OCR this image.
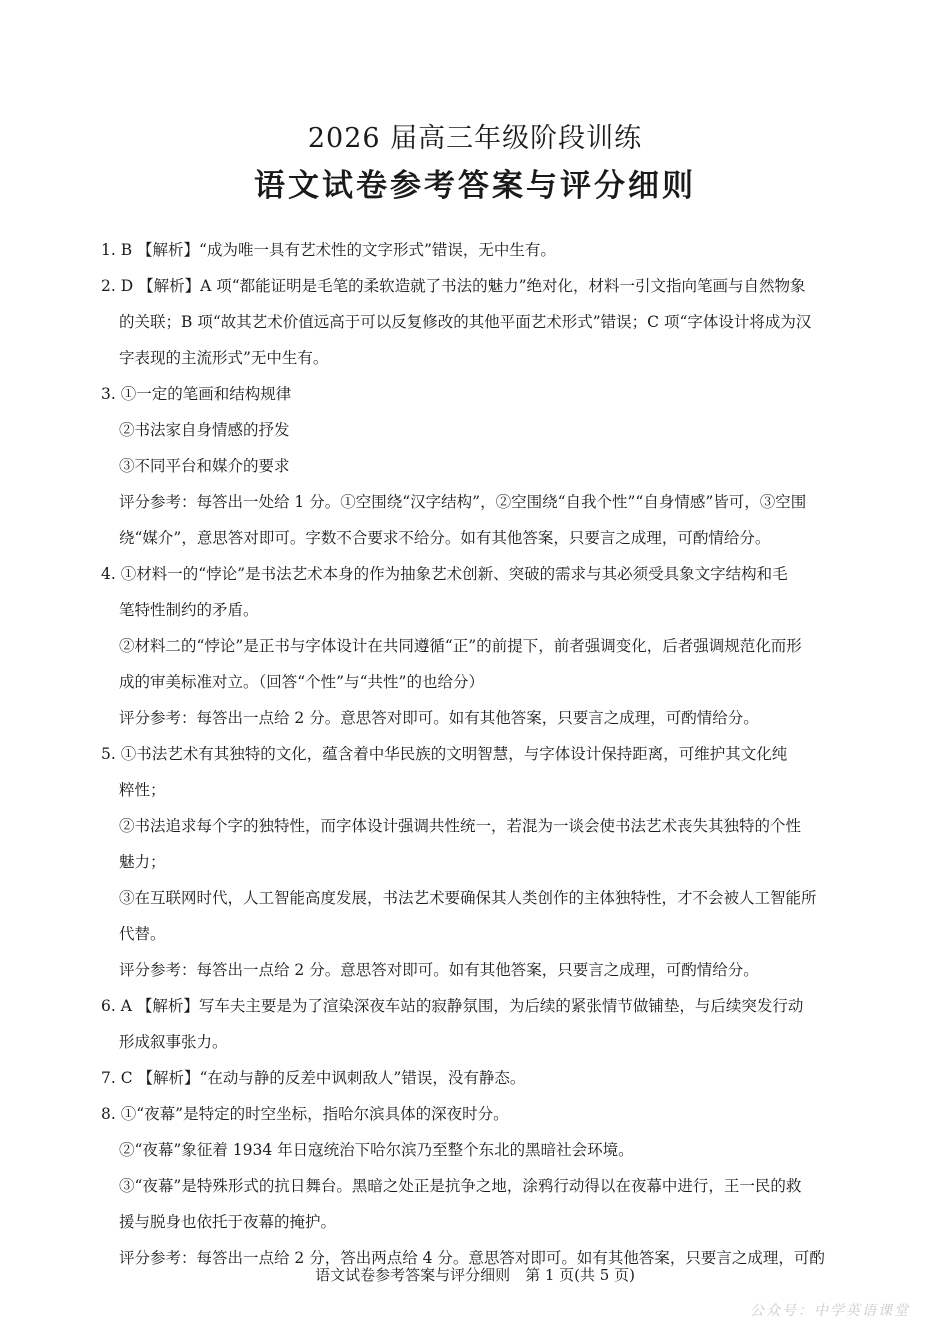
2026 届高三年级阶段训练
语文试卷参考答案与评分细则
1. B 【解析】“成为唯一具有艺术性的文字形式”错误，无中生有。
2. D 【解析】A 项“都能证明是毛笔的柔软造就了书法的魅力”绝对化，材料一引文指向笔画与自然物象
的关联；B 项“故其艺术价值远高于可以反复修改的其他平面艺术形式”错误；C 项“字体设计将成为汉
字表现的主流形式”无中生有。
3. ①一定的笔画和结构规律
②书法家自身情感的抒发
③不同平台和媒介的要求
评分参考：每答出一处给 1 分。①空围绕“汉字结构”，②空围绕“自我个性”“自身情感”皆可，③空围
绕“媒介”，意思答对即可。字数不合要求不给分。如有其他答案，只要言之成理，可酌情给分。
4. ①材料一的“悖论”是书法艺术本身的作为抽象艺术创新、突破的需求与其必须受具象文字结构和毛
笔特性制约的矛盾。
②材料二的“悖论”是正书与字体设计在共同遵循“正”的前提下，前者强调变化，后者强调规范化而形
成的审美标准对立。（回答“个性”与“共性”的也给分）
评分参考：每答出一点给 2 分。意思答对即可。如有其他答案，只要言之成理，可酌情给分。
5. ①书法艺术有其独特的文化，蕴含着中华民族的文明智慧，与字体设计保持距离，可维护其文化纯
粹性；
②书法追求每个字的独特性，而字体设计强调共性统一，若混为一谈会使书法艺术丧失其独特的个性
魅力；
③在互联网时代，人工智能高度发展，书法艺术要确保其人类创作的主体独特性，才不会被人工智能所
代替。
评分参考：每答出一点给 2 分。意思答对即可。如有其他答案，只要言之成理，可酌情给分。
6. A 【解析】写车夫主要是为了渲染深夜车站的寂静氛围，为后续的紧张情节做铺垫，与后续突发行动
形成叙事张力。
7. C 【解析】“在动与静的反差中讽刺敌人”错误，没有静态。
8. ①“夜幕”是特定的时空坐标，指哈尔滨具体的深夜时分。
②“夜幕”象征着 1934 年日寇统治下哈尔滨乃至整个东北的黑暗社会环境。
③“夜幕”是特殊形式的抗日舞台。黑暗之处正是抗争之地，涂鸦行动得以在夜幕中进行，王一民的救
援与脱身也依托于夜幕的掩护。
评分参考：每答出一点给 2 分，答出两点给 4 分。意思答对即可。如有其他答案，只要言之成理，可酌
语文试卷参考答案与评分细则　第 1 页(共 5 页)
公众号：中学英语课堂
